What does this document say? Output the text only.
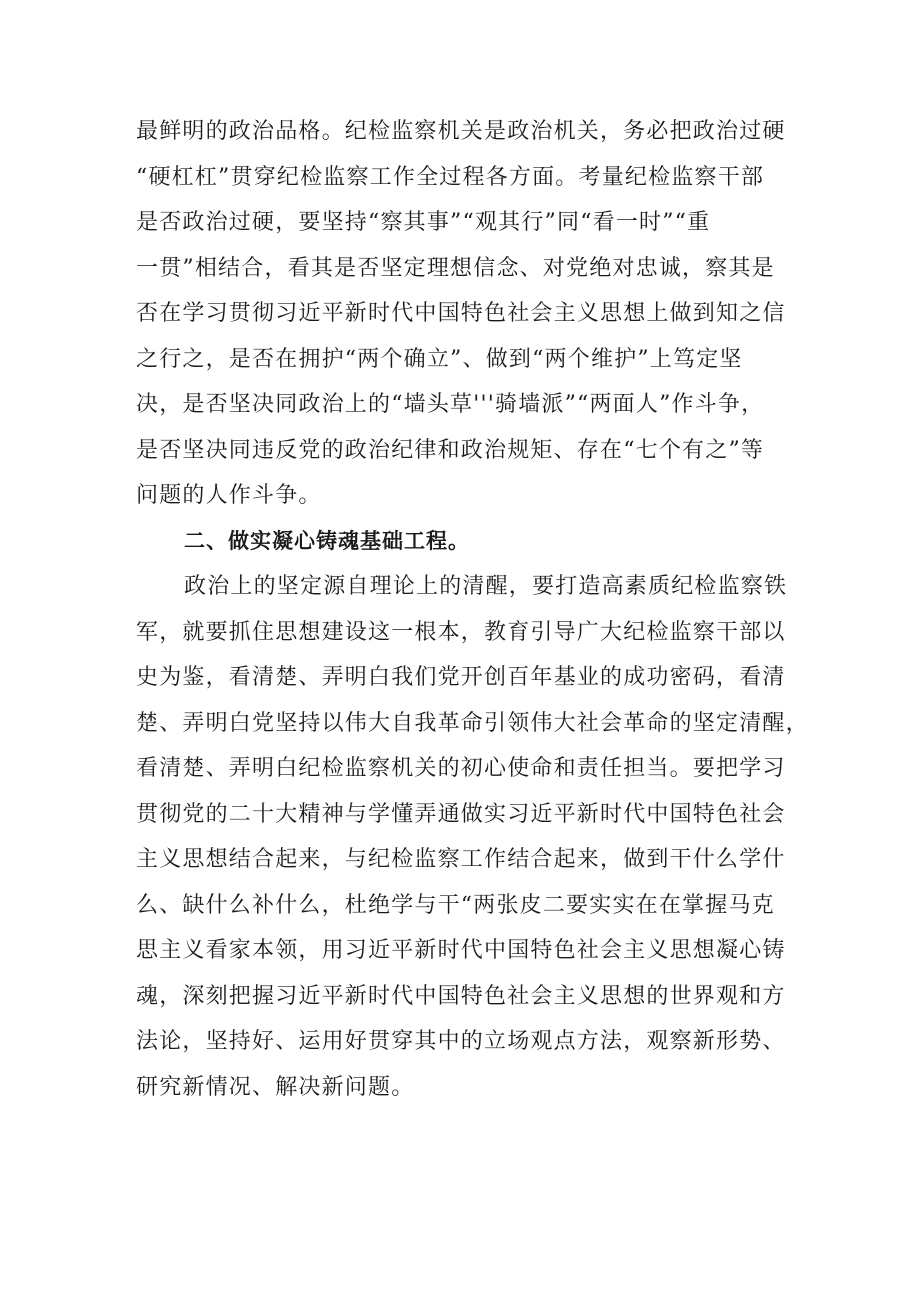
最鲜明的政治品格。纪检监察机关是政治机关，务必把政治过硬
“硬杠杠”贯穿纪检监察工作全过程各方面。考量纪检监察干部
是否政治过硬，要坚持“察其事”“观其行”同“看一时”“重
一贯”相结合，看其是否坚定理想信念、对党绝对忠诚，察其是
否在学习贯彻习近平新时代中国特色社会主义思想上做到知之信
之行之，是否在拥护“两个确立”、做到“两个维护”上笃定坚
决，是否坚决同政治上的“墙头草'''骑墙派”“两面人”作斗争，
是否坚决同违反党的政治纪律和政治规矩、存在“七个有之”等
问题的人作斗争。
二、做实凝心铸魂基础工程。
政治上的坚定源自理论上的清醒，要打造高素质纪检监察铁
军，就要抓住思想建设这一根本，教育引导广大纪检监察干部以
史为鉴，看清楚、弄明白我们党开创百年基业的成功密码，看清
楚、弄明白党坚持以伟大自我革命引领伟大社会革命的坚定清醒，
看清楚、弄明白纪检监察机关的初心使命和责任担当。要把学习
贯彻党的二十大精神与学懂弄通做实习近平新时代中国特色社会
主义思想结合起来，与纪检监察工作结合起来，做到干什么学什
么、缺什么补什么，杜绝学与干“两张皮二要实实在在掌握马克
思主义看家本领，用习近平新时代中国特色社会主义思想凝心铸
魂，深刻把握习近平新时代中国特色社会主义思想的世界观和方
法论，坚持好、运用好贯穿其中的立场观点方法，观察新形势、
研究新情况、解决新问题。
